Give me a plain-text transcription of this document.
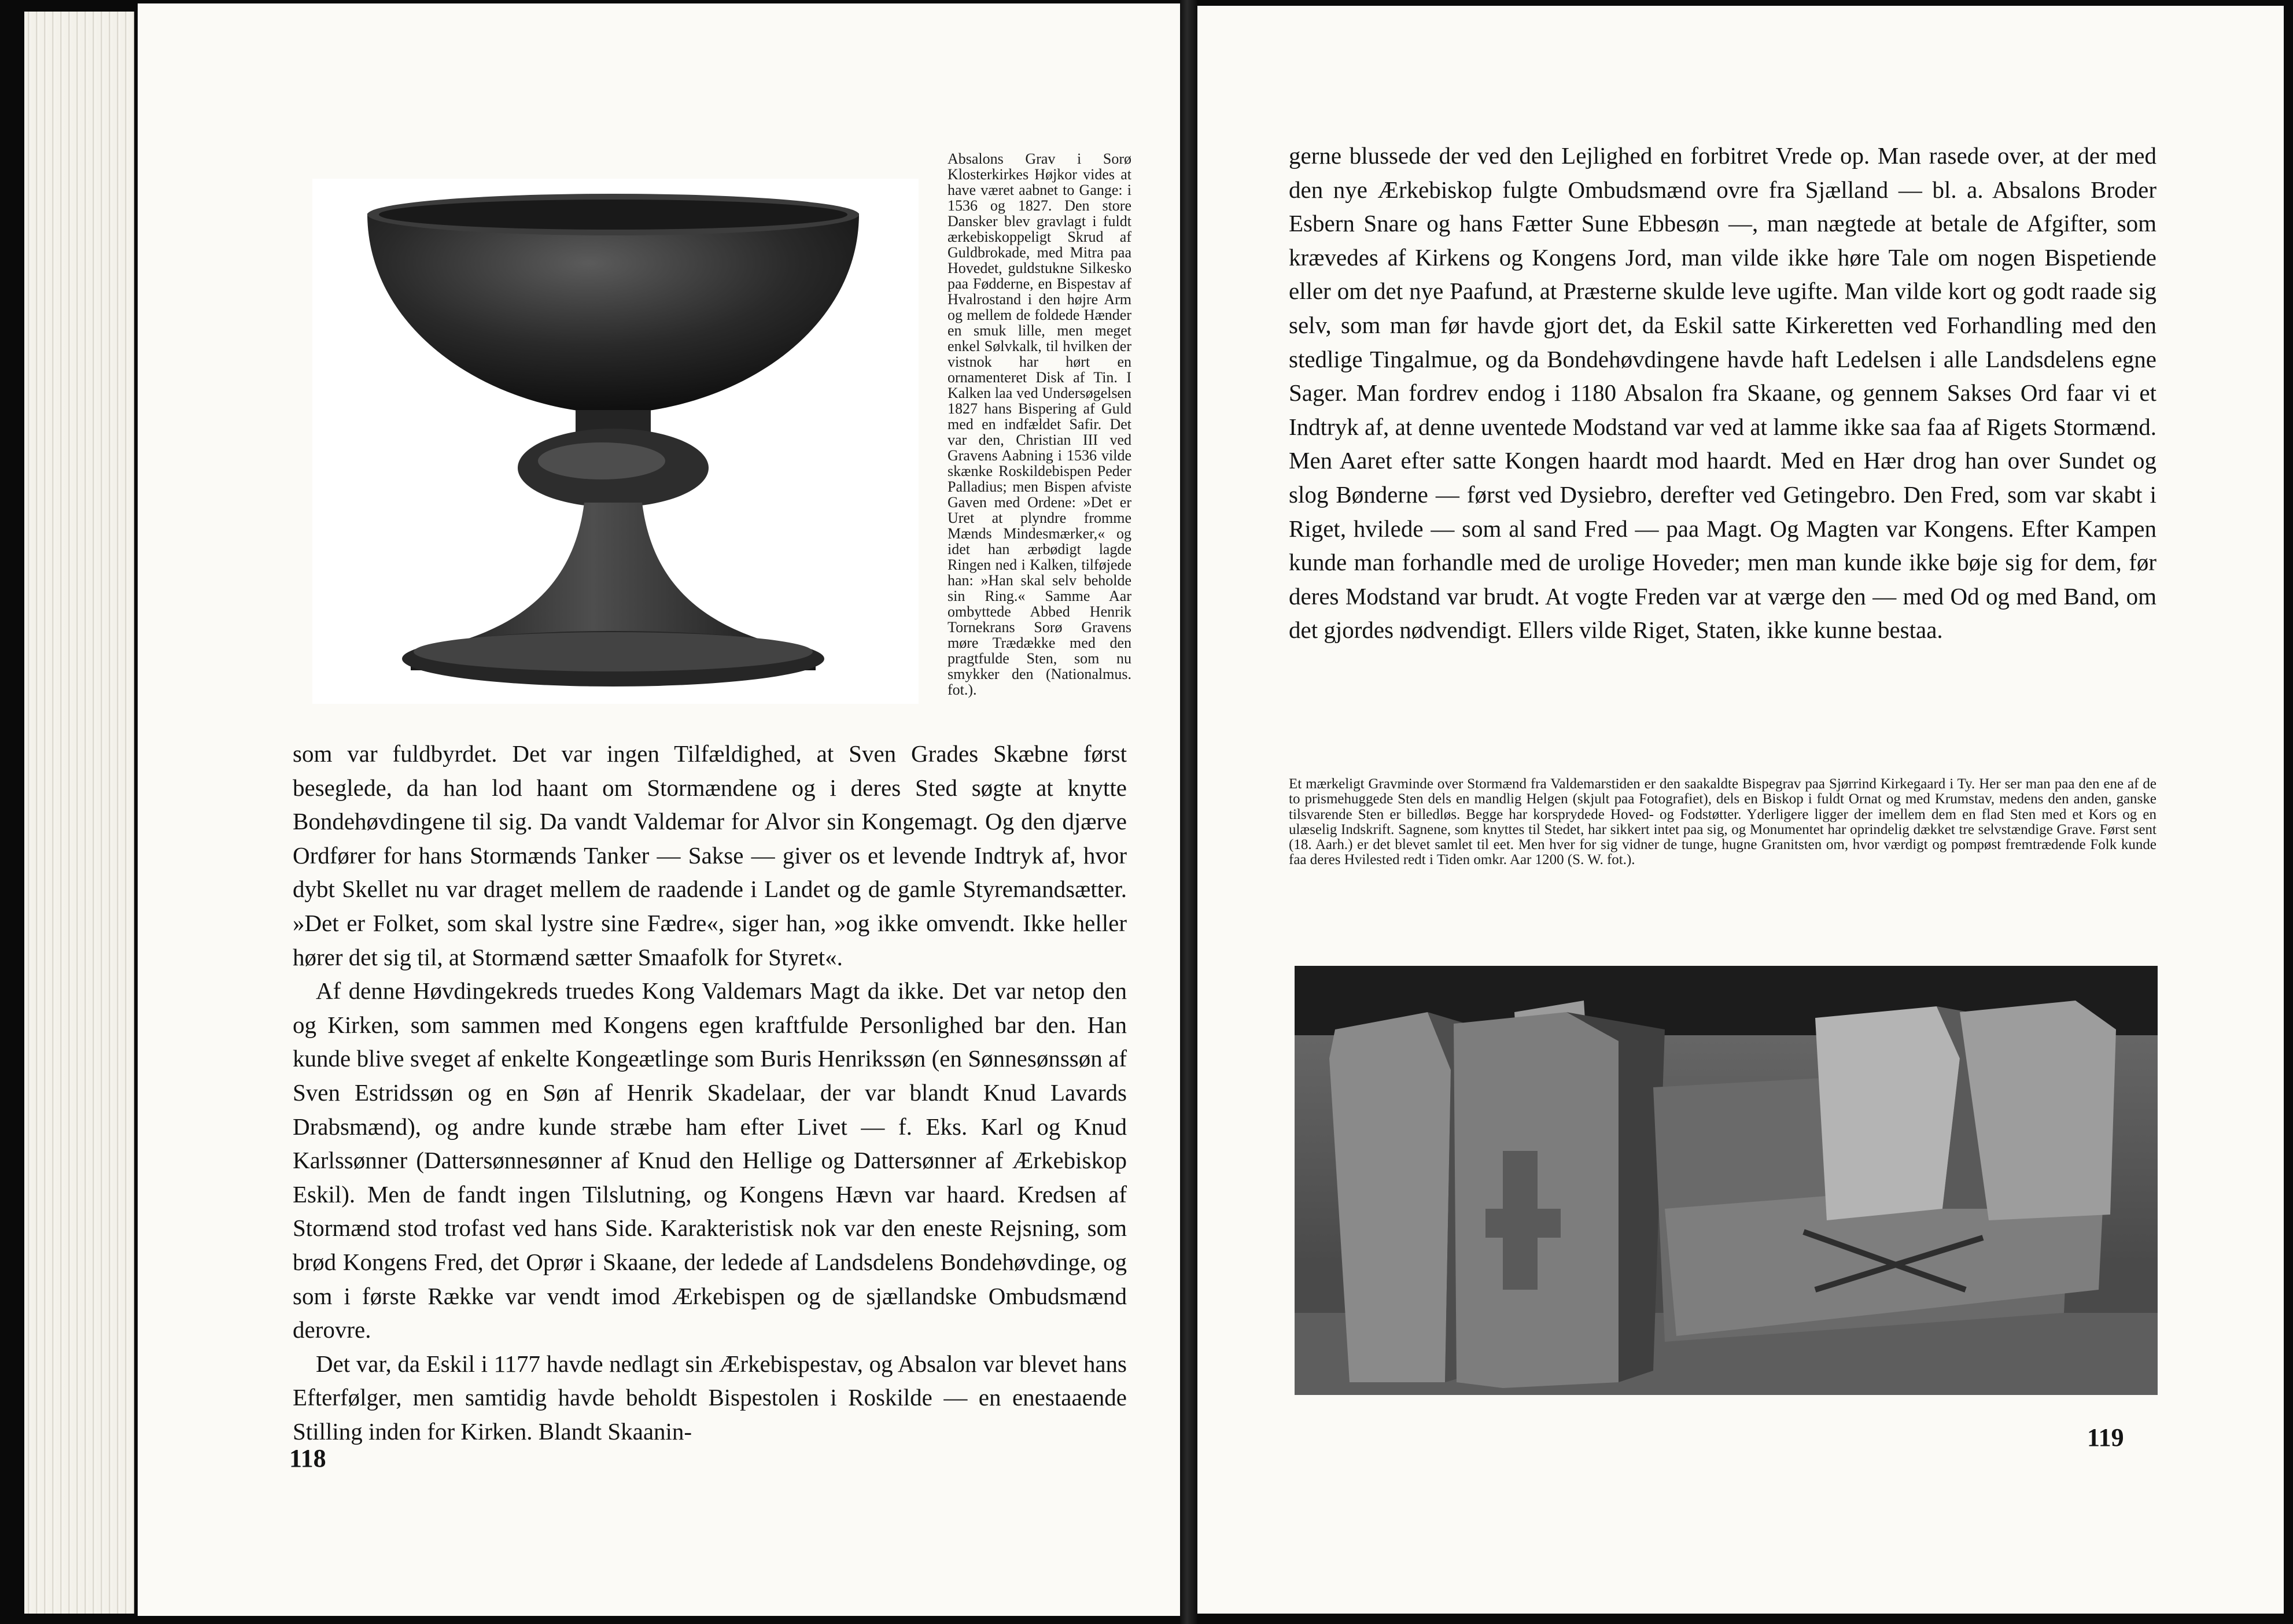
Absalons Grav i Sorø Klosterkirkes Højkor vides at have været aabnet to Gange: i 1536 og 1827. Den store Dansker blev gravlagt i fuldt ærkebiskoppeligt Skrud af Guldbrokade, med Mitra paa Hovedet, guldstukne Silkesko paa Fødderne, en Bispestav af Hvalrostand i den højre Arm og mellem de foldede Hænder en smuk lille, men meget enkel Sølvkalk, til hvilken der vistnok har hørt en ornamenteret Disk af Tin. I Kalken laa ved Undersøgelsen 1827 hans Bispering af Guld med en indfældet Safir. Det var den, Christian III ved Gravens Aabning i 1536 vilde skænke Roskildebispen Peder Palladius; men Bispen afviste Gaven med Ordene: »Det er Uret at plyndre fromme Mænds Mindesmærker,« og idet han ærbødigt lagde Ringen ned i Kalken, tilføjede han: »Han skal selv beholde sin Ring.« Samme Aar ombyttede Abbed Henrik Tornekrans Sorø Gravens møre Trædække med den pragtfulde Sten, som nu smykker den (Nationalmus. fot.).

som var fuldbyrdet. Det var ingen Tilfældighed, at Sven Grades Skæbne først beseglede, da han lod haant om Stormændene og i deres Sted søgte at knytte Bondehøvdingene til sig. Da vandt Valdemar for Alvor sin Kongemagt. Og den djærve Ordfører for hans Stormænds Tanker — Sakse — giver os et levende Indtryk af, hvor dybt Skellet nu var draget mellem de raadende i Landet og de gamle Styremandsætter. »Det er Folket, som skal lystre sine Fædre«, siger han, »og ikke omvendt. Ikke heller hører det sig til, at Stormænd sætter Smaafolk for Styret«.

Af denne Høvdingekreds truedes Kong Valdemars Magt da ikke. Det var netop den og Kirken, som sammen med Kongens egen kraftfulde Personlighed bar den. Han kunde blive sveget af enkelte Kongeætlinge som Buris Henrikssøn (en Sønnesønssøn af Sven Estridssøn og en Søn af Henrik Skadelaar, der var blandt Knud Lavards Drabsmænd), og andre kunde stræbe ham efter Livet — f. Eks. Karl og Knud Karlssønner (Dattersønnesønner af Knud den Hellige og Dattersønner af Ærkebiskop Eskil). Men de fandt ingen Tilslutning, og Kongens Hævn var haard. Kredsen af Stormænd stod trofast ved hans Side. Karakteristisk nok var den eneste Rejsning, som brød Kongens Fred, det Oprør i Skaane, der ledede af Landsdelens Bondehøvdinge, og som i første Række var vendt imod Ærkebispen og de sjællandske Ombudsmænd derovre.

Det var, da Eskil i 1177 havde nedlagt sin Ærkebispestav, og Absalon var blevet hans Efterfølger, men samtidig havde beholdt Bispestolen i Roskilde — en enestaaende Stilling inden for Kirken. Blandt Skaanin-

118

gerne blussede der ved den Lejlighed en forbitret Vrede op. Man rasede over, at der med den nye Ærkebiskop fulgte Ombudsmænd ovre fra Sjælland — bl. a. Absalons Broder Esbern Snare og hans Fætter Sune Ebbesøn —, man nægtede at betale de Afgifter, som krævedes af Kirkens og Kongens Jord, man vilde ikke høre Tale om nogen Bispetiende eller om det nye Paafund, at Præsterne skulde leve ugifte. Man vilde kort og godt raade sig selv, som man før havde gjort det, da Eskil satte Kirkeretten ved Forhandling med den stedlige Tingalmue, og da Bondehøvdingene havde haft Ledelsen i alle Landsdelens egne Sager. Man fordrev endog i 1180 Absalon fra Skaane, og gennem Sakses Ord faar vi et Indtryk af, at denne uventede Modstand var ved at lamme ikke saa faa af Rigets Stormænd. Men Aaret efter satte Kongen haardt mod haardt. Med en Hær drog han over Sundet og slog Bønderne — først ved Dysiebro, derefter ved Getingebro. Den Fred, som var skabt i Riget, hvilede — som al sand Fred — paa Magt. Og Magten var Kongens. Efter Kampen kunde man forhandle med de urolige Hoveder; men man kunde ikke bøje sig for dem, før deres Modstand var brudt. At vogte Freden var at værge den — med Od og med Band, om det gjordes nødvendigt. Ellers vilde Riget, Staten, ikke kunne bestaa.

Et mærkeligt Gravminde over Stormænd fra Valdemarstiden er den saakaldte Bispegrav paa Sjørrind Kirkegaard i Ty. Her ser man paa den ene af de to prismehuggede Sten dels en mandlig Helgen (skjult paa Fotografiet), dels en Biskop i fuldt Ornat og med Krumstav, medens den anden, ganske tilsvarende Sten er billedløs. Begge har korsprydede Hoved- og Fodstøtter. Yderligere ligger der imellem dem en flad Sten med et Kors og en ulæselig Indskrift. Sagnene, som knyttes til Stedet, har sikkert intet paa sig, og Monumentet har oprindelig dækket tre selvstændige Grave. Først sent (18. Aarh.) er det blevet samlet til eet. Men hver for sig vidner de tunge, hugne Granitsten om, hvor værdigt og pompøst fremtrædende Folk kunde faa deres Hvilested redt i Tiden omkr. Aar 1200 (S. W. fot.).
119
